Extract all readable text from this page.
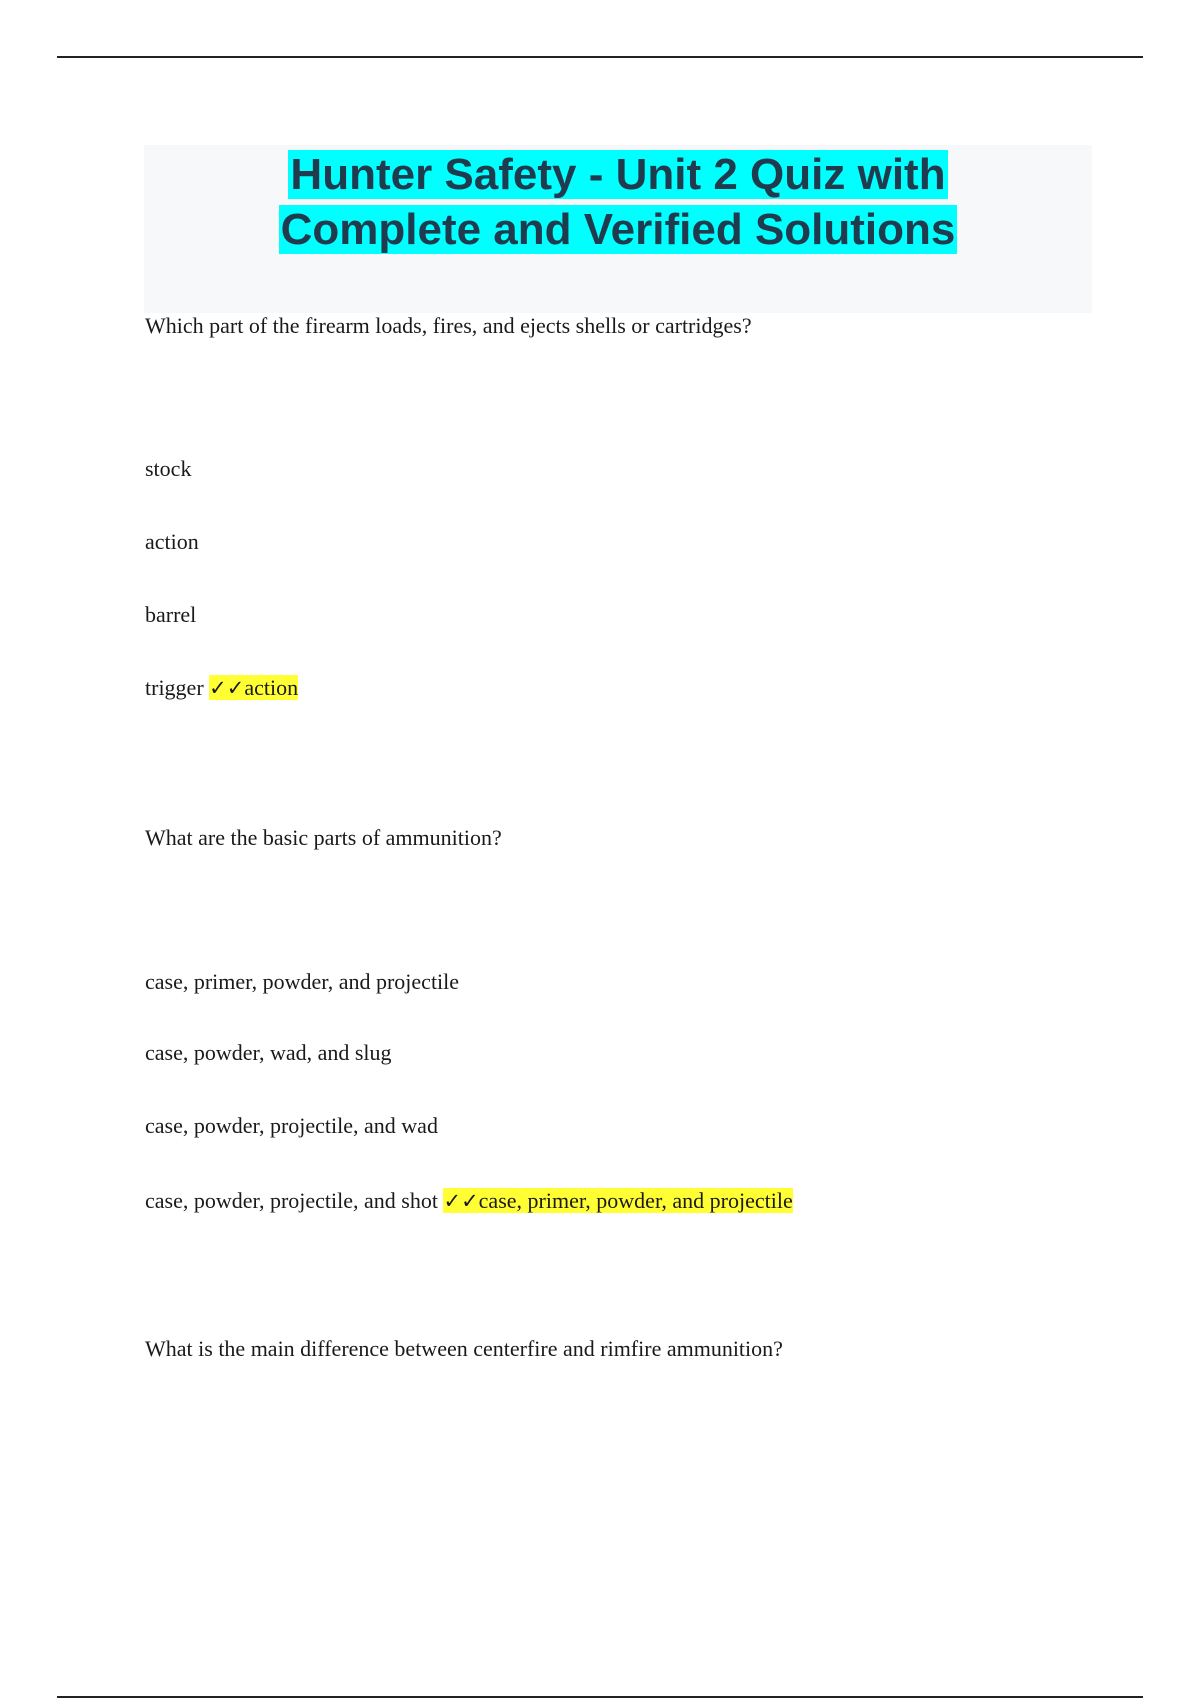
Hunter Safety - Unit 2 Quiz with
Complete and Verified Solutions
Which part of the firearm loads, fires, and ejects shells or cartridges?
stock
action
barrel
trigger ✓✓action
What are the basic parts of ammunition?
case, primer, powder, and projectile
case, powder, wad, and slug
case, powder, projectile, and wad
case, powder, projectile, and shot ✓✓case, primer, powder, and projectile
What is the main difference between centerfire and rimfire ammunition?
